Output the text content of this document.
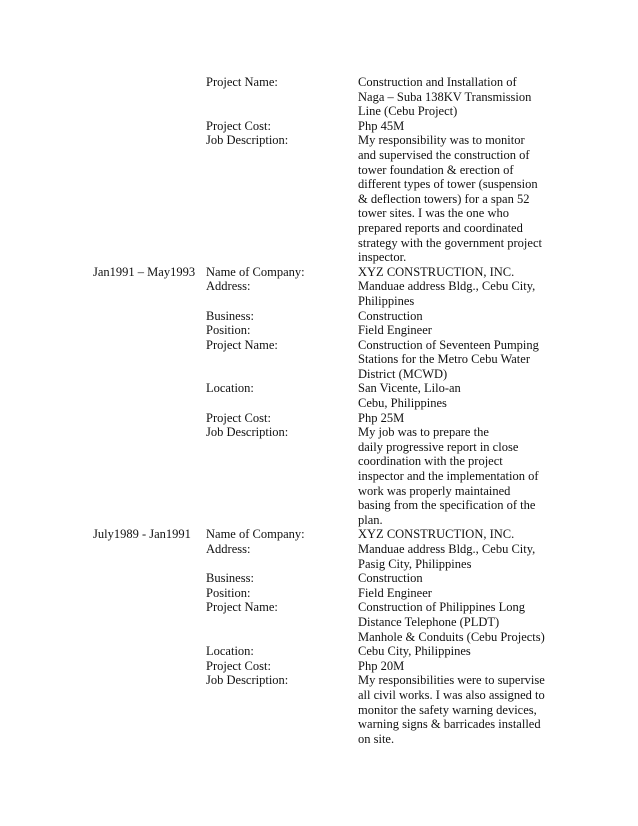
Project Name:	Construction and Installation of
Naga – Suba 138KV Transmission
Line (Cebu Project)
Project Cost:	Php 45M
Job Description:	My responsibility was to monitor
and supervised the construction of
tower foundation & erection of
different types of tower (suspension
& deflection towers) for a span 52
tower sites. I was the one who
prepared reports and coordinated
strategy with the government project
inspector.
Jan1991 – May1993 Name of Company:	XYZ CONSTRUCTION, INC.
Address:	Manduae address Bldg., Cebu City,
Philippines
Business:	Construction
Position:	Field Engineer
Project Name:	Construction of Seventeen Pumping
Stations for the Metro Cebu Water
District (MCWD)
Location:	San Vicente, Lilo-an
Cebu, Philippines
Project Cost:	Php 25M
Job Description:	My job was to prepare the
daily progressive report in close
coordination with the project
inspector and the implementation of
work was properly maintained
basing from the specification of the
plan.
July1989 - Jan1991	Name of Company:	XYZ CONSTRUCTION, INC.
Address:	Manduae address Bldg., Cebu City,
Pasig City, Philippines
Business:	Construction
Position:	Field Engineer
Project Name:	Construction of Philippines Long
Distance Telephone (PLDT)
Manhole & Conduits (Cebu Projects)
Location:	Cebu City, Philippines
Project Cost:	Php 20M
Job Description:	My responsibilities were to supervise
all civil works. I was also assigned to
monitor the safety warning devices,
warning signs & barricades installed
on site.
